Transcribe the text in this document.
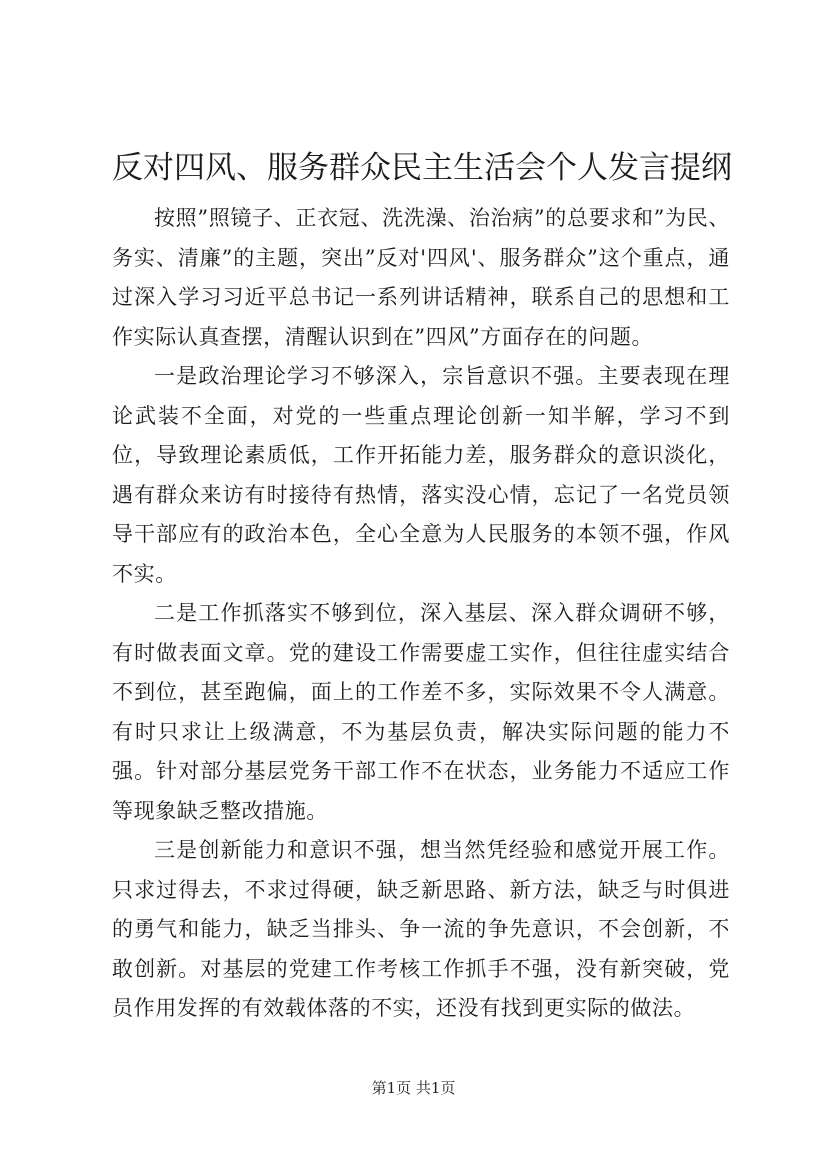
反对四风、服务群众民主生活会个人发言提纲

按照”照镜子、正衣冠、洗洗澡、治治病”的总要求和”为民、务实、清廉”的主题，突出”反对'四风'、服务群众”这个重点，通过深入学习习近平总书记一系列讲话精神，联系自己的思想和工作实际认真查摆，清醒认识到在”四风”方面存在的问题。

一是政治理论学习不够深入，宗旨意识不强。主要表现在理论武装不全面，对党的一些重点理论创新一知半解，学习不到位，导致理论素质低，工作开拓能力差，服务群众的意识淡化，遇有群众来访有时接待有热情，落实没心情，忘记了一名党员领导干部应有的政治本色，全心全意为人民服务的本领不强，作风不实。

二是工作抓落实不够到位，深入基层、深入群众调研不够，有时做表面文章。党的建设工作需要虚工实作，但往往虚实结合不到位，甚至跑偏，面上的工作差不多，实际效果不令人满意。有时只求让上级满意，不为基层负责，解决实际问题的能力不强。针对部分基层党务干部工作不在状态，业务能力不适应工作等现象缺乏整改措施。

三是创新能力和意识不强，想当然凭经验和感觉开展工作。只求过得去，不求过得硬，缺乏新思路、新方法，缺乏与时俱进的勇气和能力，缺乏当排头、争一流的争先意识，不会创新，不敢创新。对基层的党建工作考核工作抓手不强，没有新突破，党员作用发挥的有效载体落的不实，还没有找到更实际的做法。

第1页 共1页
